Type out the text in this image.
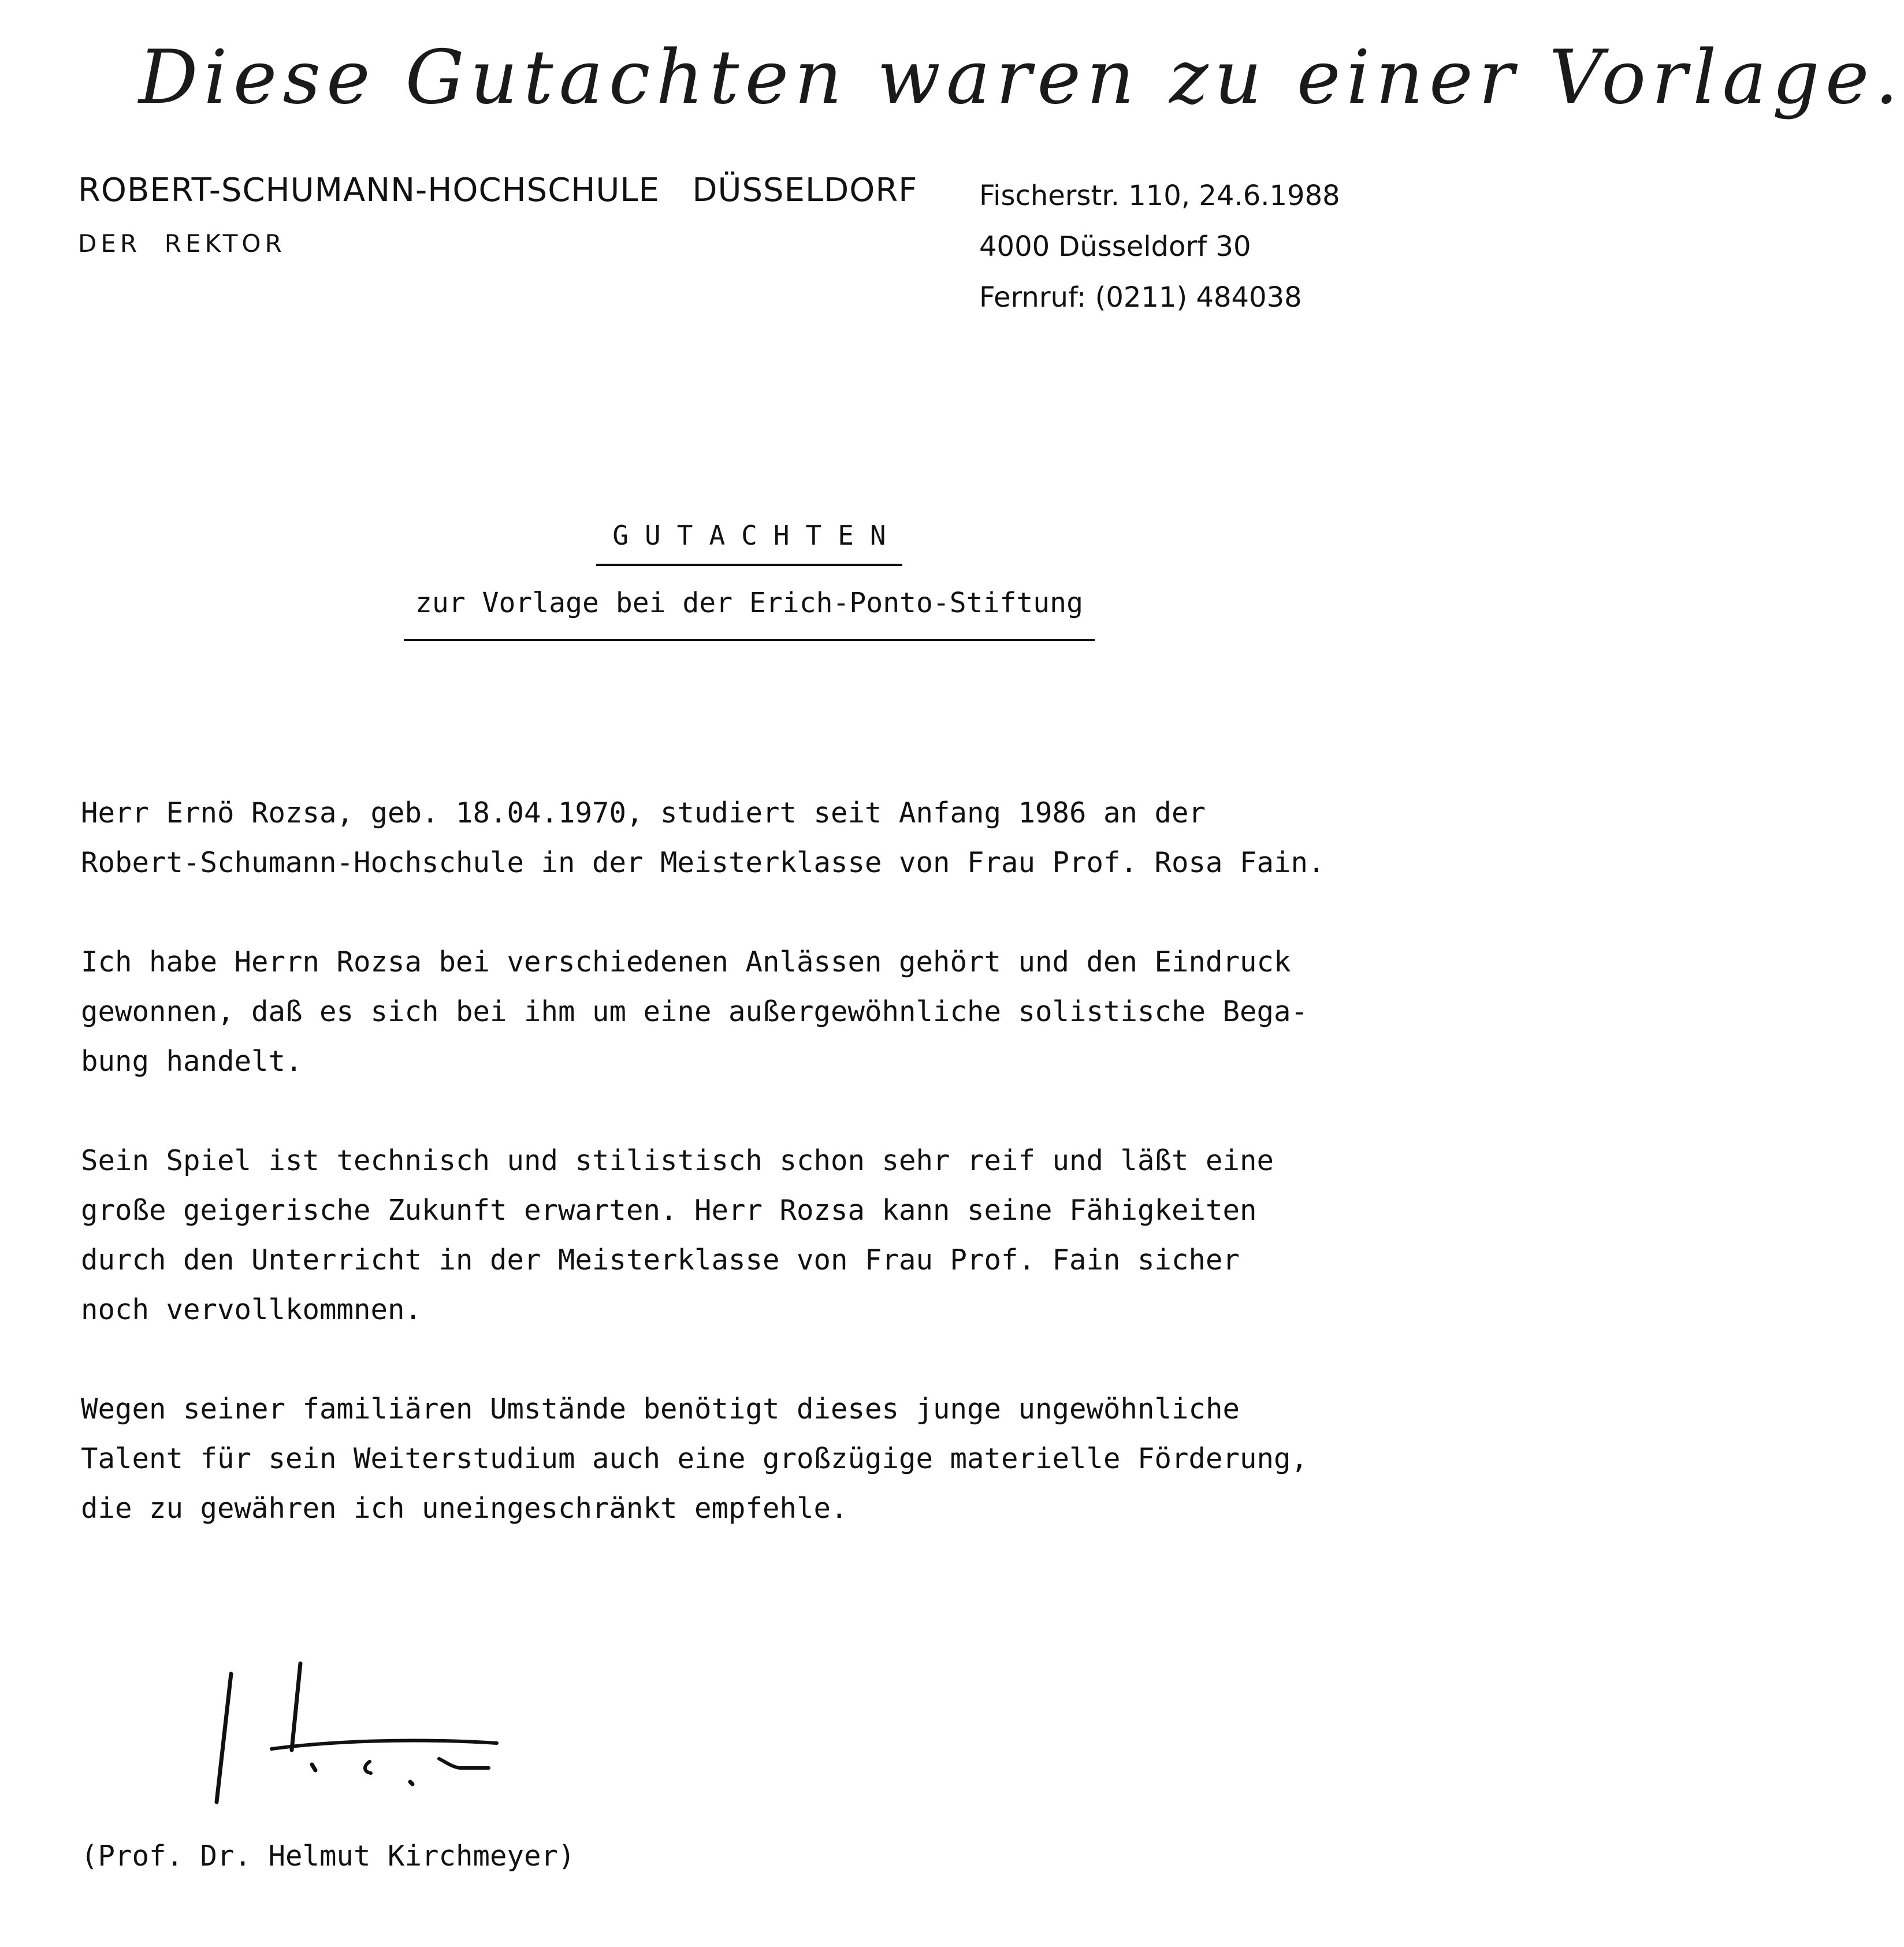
Diese Gutachten waren zu einer Vorlage.
ROBERT-SCHUMANN-HOCHSCHULE   DÜSSELDORF
DER  REKTOR
Fischerstr. 110, 24.6.1988
4000 Düsseldorf 30
Fernruf: (0211) 484038
GUTACHTEN
zur Vorlage bei der Erich-Ponto-Stiftung

Herr Ernö Rozsa, geb. 18.04.1970, studiert seit Anfang 1986 an der
Robert-Schumann-Hochschule in der Meisterklasse von Frau Prof. Rosa Fain.

Ich habe Herrn Rozsa bei verschiedenen Anlässen gehört und den Eindruck
gewonnen, daß es sich bei ihm um eine außergewöhnliche solistische Bega-
bung handelt.

Sein Spiel ist technisch und stilistisch schon sehr reif und läßt eine
große geigerische Zukunft erwarten. Herr Rozsa kann seine Fähigkeiten
durch den Unterricht in der Meisterklasse von Frau Prof. Fain sicher
noch vervollkommnen.

Wegen seiner familiären Umstände benötigt dieses junge ungewöhnliche
Talent für sein Weiterstudium auch eine großzügige materielle Förderung,
die zu gewähren ich uneingeschränkt empfehle.

(Prof. Dr. Helmut Kirchmeyer)
